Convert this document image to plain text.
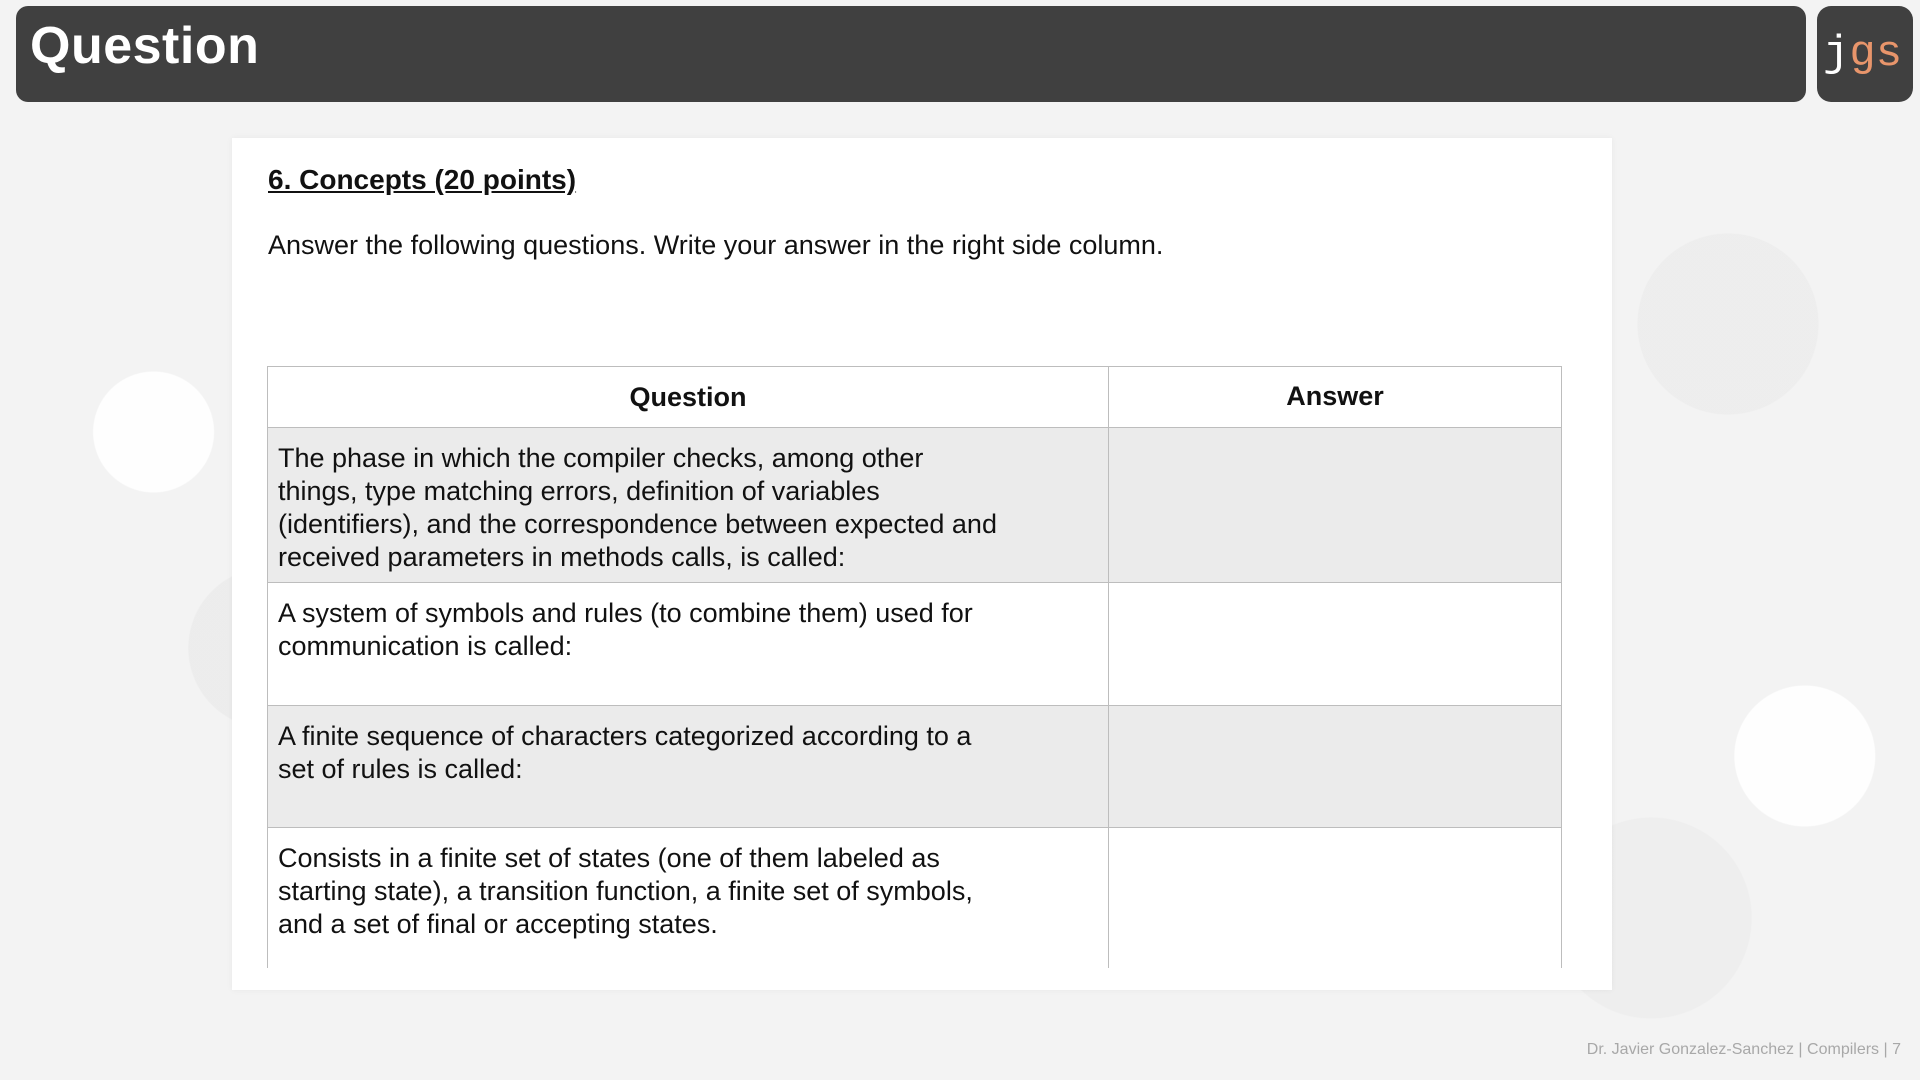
Question	jgs
6. Concepts (20 points)
Answer the following questions. Write your answer in the right side column.
Question	Answer
The phase in which the compiler checks, among other things, type matching errors, definition of variables (identifiers), and the correspondence between expected and received parameters in methods calls, is called:
A system of symbols and rules (to combine them) used for communication is called:
A finite sequence of characters categorized according to a set of rules is called:
Consists in a finite set of states (one of them labeled as starting state), a transition function, a finite set of symbols, and a set of final or accepting states.
Dr. Javier Gonzalez-Sanchez | Compilers | 7
